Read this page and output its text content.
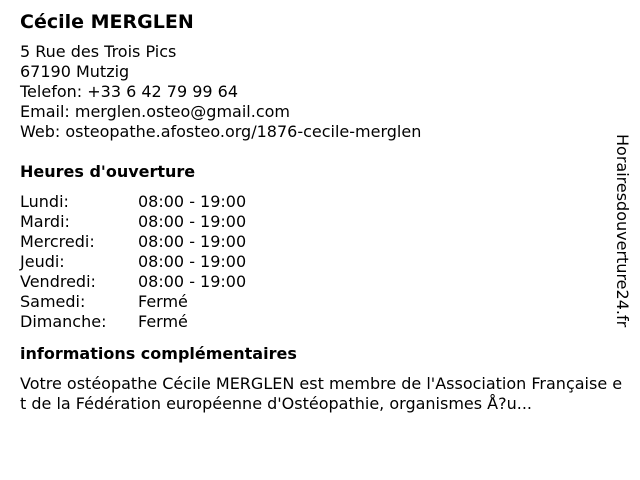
Cécile MERGLEN
5 Rue des Trois Pics
67190 Mutzig
Telefon: +33 6 42 79 99 64
Email: merglen.osteo@gmail.com
Web: osteopathe.afosteo.org/1876-cecile-merglen
Heures d'ouverture
Lundi:	08:00 - 19:00
Mardi:	08:00 - 19:00
Mercredi:	08:00 - 19:00
Jeudi:	08:00 - 19:00
Vendredi:	08:00 - 19:00
Samedi:	Fermé
Dimanche:	Fermé
informations complémentaires
Votre ostéopathe Cécile MERGLEN est membre de l'Association Française et de la Fédération européenne d'Ostéopathie, organismes Å?u...
Horairesdouverture24.fr
